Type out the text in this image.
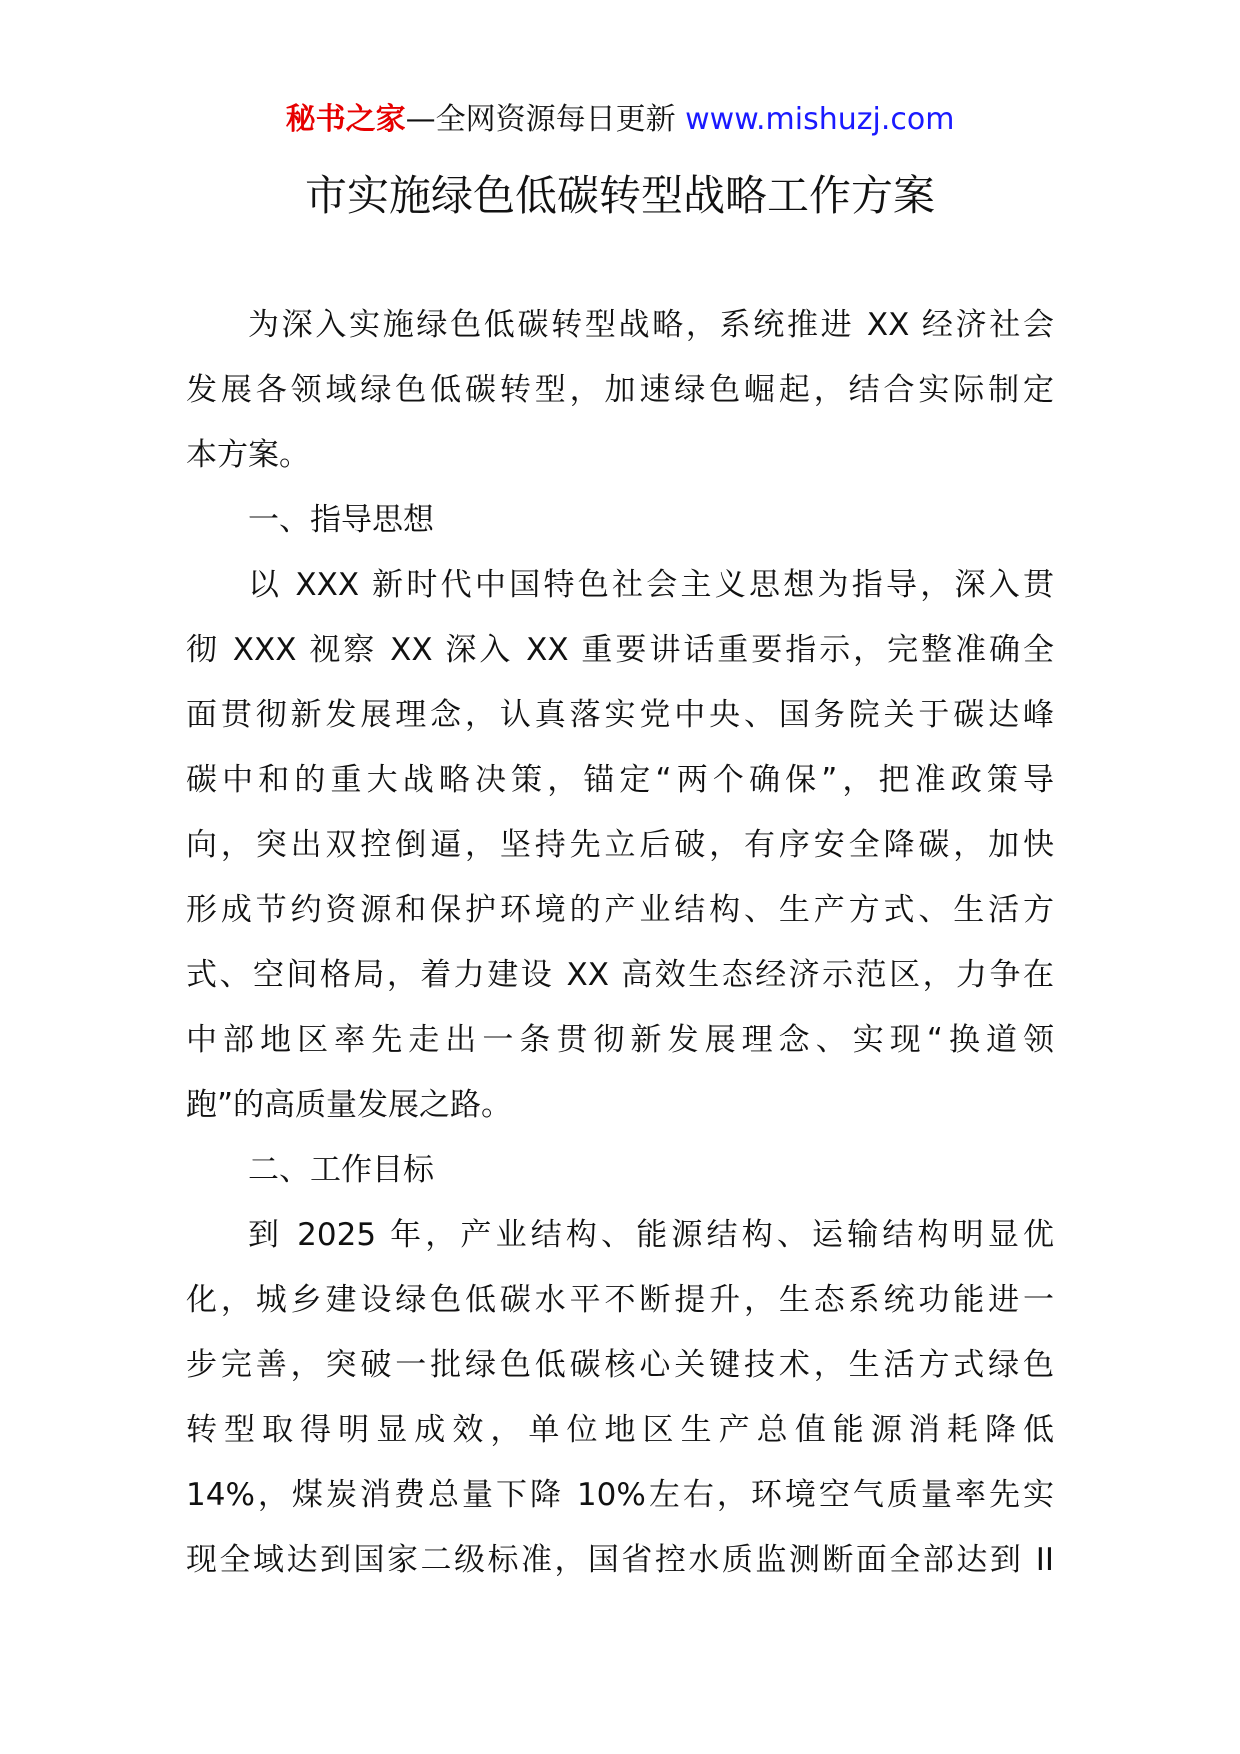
秘书之家—全网资源每日更新 www.mishuzj.com
市实施绿色低碳转型战略工作方案
为深入实施绿色低碳转型战略，系统推进 XX 经济社会
发展各领域绿色低碳转型，加速绿色崛起，结合实际制定
本方案。
一、指导思想
以 XXX 新时代中国特色社会主义思想为指导，深入贯
彻 XXX 视察 XX 深入 XX 重要讲话重要指示，完整准确全
面贯彻新发展理念，认真落实党中央、国务院关于碳达峰
碳中和的重大战略决策，锚定“两个确保”，把准政策导
向，突出双控倒逼，坚持先立后破，有序安全降碳，加快
形成节约资源和保护环境的产业结构、生产方式、生活方
式、空间格局，着力建设 XX 高效生态经济示范区，力争在
中部地区率先走出一条贯彻新发展理念、实现“换道领
跑”的高质量发展之路。
二、工作目标
到 2025 年，产业结构、能源结构、运输结构明显优
化，城乡建设绿色低碳水平不断提升，生态系统功能进一
步完善，突破一批绿色低碳核心关键技术，生活方式绿色
转型取得明显成效，单位地区生产总值能源消耗降低
14%，煤炭消费总量下降 10%左右，环境空气质量率先实
现全域达到国家二级标准，国省控水质监测断面全部达到 II
